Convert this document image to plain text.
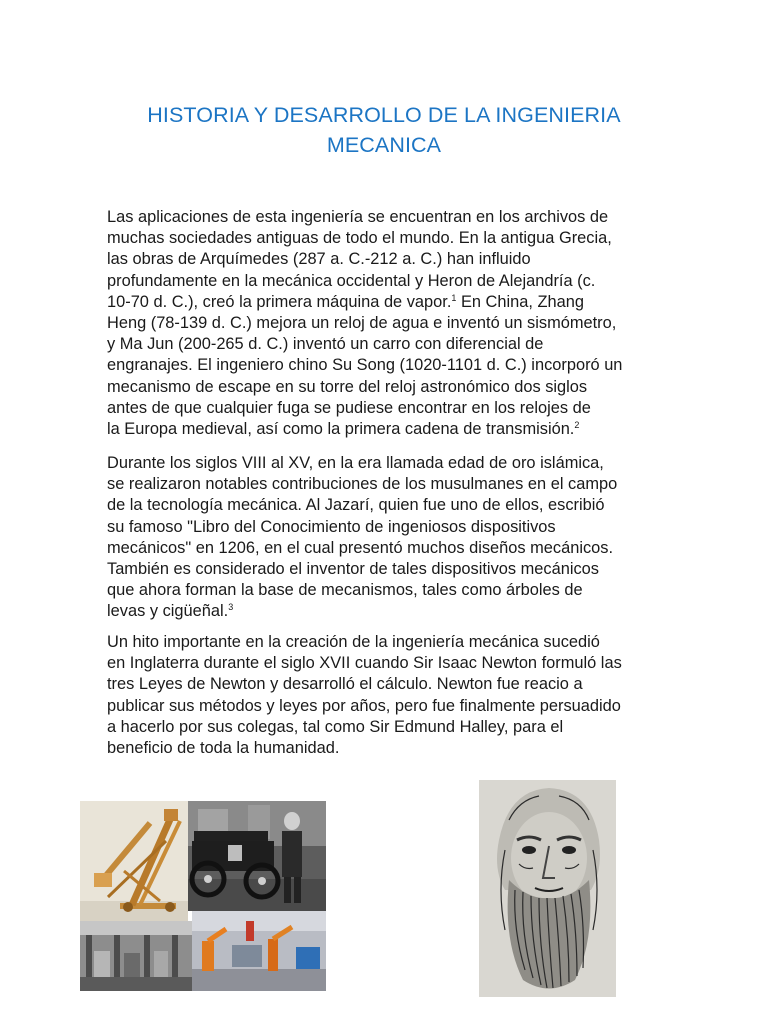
HISTORIA Y DESARROLLO DE LA INGENIERIA
MECANICA
Las aplicaciones de esta ingeniería se encuentran en los archivos de
muchas sociedades antiguas de todo el mundo. En la antigua Grecia,
las obras de Arquímedes (287 a. C.-212 a. C.) han influido
profundamente en la mecánica occidental y Heron de Alejandría (c.
10-70 d. C.), creó la primera máquina de vapor.$^1$ En China, Zhang
Heng (78-139 d. C.) mejora un reloj de agua e inventó un sismómetro,
y Ma Jun (200-265 d. C.) inventó un carro con diferencial de
engranajes. El ingeniero chino Su Song (1020-1101 d. C.) incorporó un
mecanismo de escape en su torre del reloj astronómico dos siglos
antes de que cualquier fuga se pudiese encontrar en los relojes de
la Europa medieval, así como la primera cadena de transmisión.$^2$
Durante los siglos VIII al XV, en la era llamada edad de oro islámica,
se realizaron notables contribuciones de los musulmanes en el campo
de la tecnología mecánica. Al Jazarí, quien fue uno de ellos, escribió
su famoso "Libro del Conocimiento de ingeniosos dispositivos
mecánicos" en 1206, en el cual presentó muchos diseños mecánicos.
También es considerado el inventor de tales dispositivos mecánicos
que ahora forman la base de mecanismos, tales como árboles de
levas y cigüeñal.$^3$
Un hito importante en la creación de la ingeniería mecánica sucedió
en Inglaterra durante el siglo XVII cuando Sir Isaac Newton formuló las
tres Leyes de Newton y desarrolló el cálculo. Newton fue reacio a
publicar sus métodos y leyes por años, pero fue finalmente persuadido
a hacerlo por sus colegas, tal como Sir Edmund Halley, para el
beneficio de toda la humanidad.
